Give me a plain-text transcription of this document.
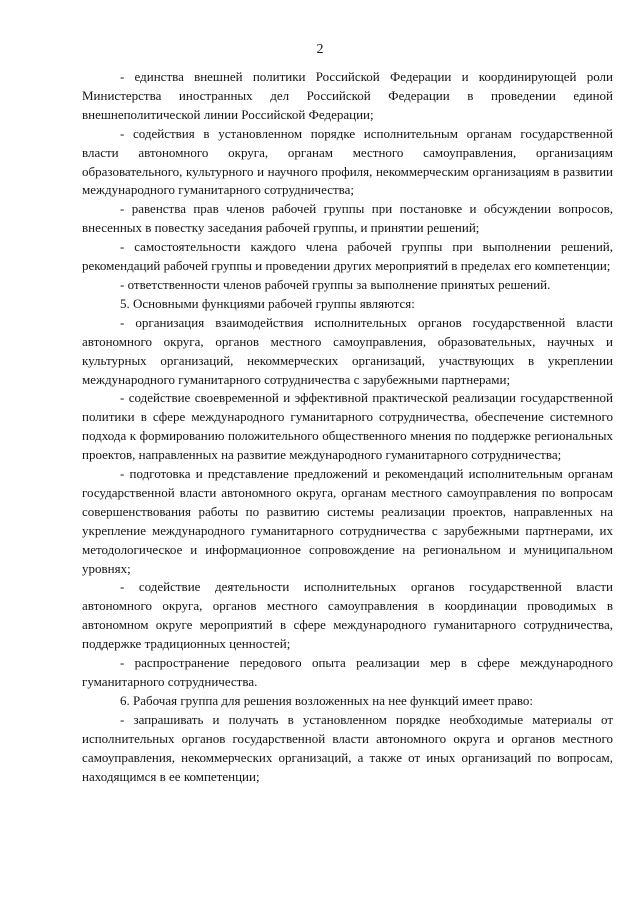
2

- единства внешней политики Российской Федерации и координирующей роли Министерства иностранных дел Российской Федерации в проведении единой внешнеполитической линии Российской Федерации;

- содействия в установленном порядке исполнительным органам государственной власти автономного округа, органам местного самоуправления, организациям образовательного, культурного и научного профиля, некоммерческим организациям в развитии международного гуманитарного сотрудничества;

- равенства прав членов рабочей группы при постановке и обсуждении вопросов, внесенных в повестку заседания рабочей группы, и принятии решений;

- самостоятельности каждого члена рабочей группы при выполнении решений, рекомендаций рабочей группы и проведении других мероприятий в пределах его компетенции;

- ответственности членов рабочей группы за выполнение принятых решений.

5. Основными функциями рабочей группы являются:

- организация взаимодействия исполнительных органов государственной власти автономного округа, органов местного самоуправления, образовательных, научных и культурных организаций, некоммерческих организаций, участвующих в укреплении международного гуманитарного сотрудничества с зарубежными партнерами;

- содействие своевременной и эффективной практической реализации государственной политики в сфере международного гуманитарного сотрудничества, обеспечение системного подхода к формированию положительного общественного мнения по поддержке региональных проектов, направленных на развитие международного гуманитарного сотрудничества;

- подготовка и представление предложений и рекомендаций исполнительным органам государственной власти автономного округа, органам местного самоуправления по вопросам совершенствования работы по развитию системы реализации проектов, направленных на укрепление международного гуманитарного сотрудничества с зарубежными партнерами, их методологическое и информационное сопровождение на региональном и муниципальном уровнях;

- содействие деятельности исполнительных органов государственной власти автономного округа, органов местного самоуправления в координации проводимых в автономном округе мероприятий в сфере международного гуманитарного сотрудничества, поддержке традиционных ценностей;

- распространение передового опыта реализации мер в сфере международного гуманитарного сотрудничества.

6. Рабочая группа для решения возложенных на нее функций имеет право:

- запрашивать и получать в установленном порядке необходимые материалы от исполнительных органов государственной власти автономного округа и органов местного самоуправления, некоммерческих организаций, а также от иных организаций по вопросам, находящимся в ее компетенции;
